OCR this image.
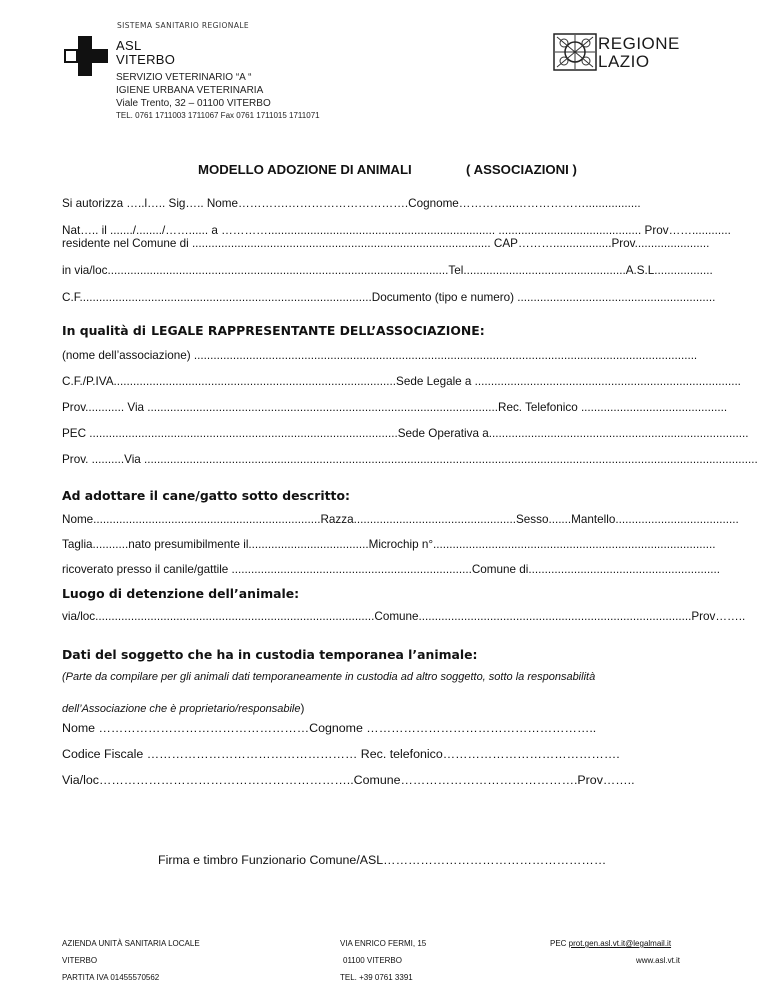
SISTEMA SANITARIO REGIONALE
ASL
VITERBO
SERVIZIO VETERINARIO “A “
IGIENE URBANA VETERINARIA
Viale Trento, 32 – 01100 VITERBO
TEL. 0761 1711003 1711067 Fax 0761 1711015 1711071
REGIONE
LAZIO
MODELLO ADOZIONE DI ANIMALI	( ASSOCIAZIONI )
Si autorizza …..l….. Sig….. Nome………….………………………….Cognome…………...……………….................
Nat….. il ......./......../……...... a …………...................................................................... ............................................ Prov……............
residente nel Comune di ............................................................................................ CAP………..................Prov.......................
in via/loc.........................................................................................................Tel..................................................A.S.L..................
C.F..........................................................................................Documento (tipo e numero) .............................................................
In qualità di LEGALE RAPPRESENTANTE DELL’ASSOCIAZIONE:
(nome dell’associazione) ...........................................................................................................................................................
C.F./P.IVA.......................................................................................Sede Legale a ..................................................................................
Prov............ Via ............................................................................................................Rec. Telefonico .............................................
PEC ...............................................................................................Sede Operativa a................................................................................
Prov. ..........Via .............................................................................................................................................................................................
Ad adottare il cane/gatto sotto descritto:
Nome......................................................................Razza..................................................Sesso.......Mantello......................................
Taglia...........nato presumibilmente il.....................................Microchip n°.......................................................................................
ricoverato presso il canile/gattile ..........................................................................Comune di...........................................................
Luogo di detenzione dell’animale:
via/loc......................................................................................Comune....................................................................................Prov……..
Dati del soggetto che ha in custodia temporanea l’animale:
(Parte da compilare per gli animali dati temporaneamente in custodia ad altro soggetto, sotto la responsabilità
dell’Associazione che è proprietario/responsabile)
Nome ……………………………………………Cognome ………………………………………………..
Codice Fiscale …………………………………………… Rec. telefonico…………………………………….
Via/loc……………………………………………………..Comune…………………………………….Prov……..
Firma e timbro Funzionario Comune/ASL………………………………………………
AZIENDA UNITÀ SANITARIA LOCALE
VITERBO
PARTITA IVA 01455570562
VIA ENRICO FERMI, 15
01100 VITERBO
TEL. +39 0761 3391
PEC prot.gen.asl.vt.it@legalmail.it
www.asl.vt.it
